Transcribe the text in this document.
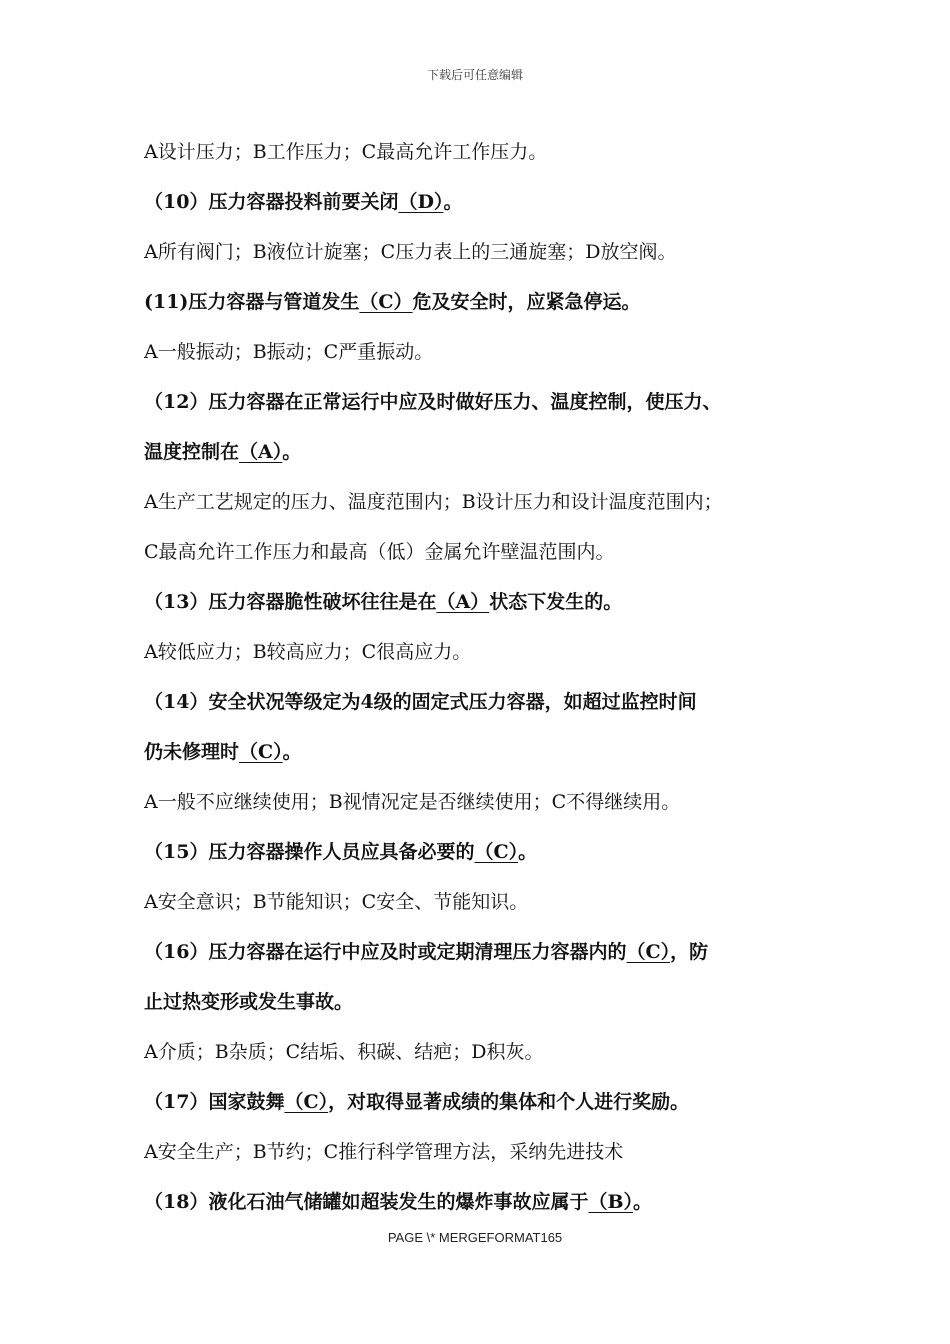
下载后可任意编辑
A设计压力；B工作压力；C最高允许工作压力。
（10）压力容器投料前要关闭（D）。
A所有阀门；B液位计旋塞；C压力表上的三通旋塞；D放空阀。
(11)压力容器与管道发生（C）危及安全时，应紧急停运。
A一般振动；B振动；C严重振动。
（12）压力容器在正常运行中应及时做好压力、温度控制，使压力、
温度控制在（A）。
A生产工艺规定的压力、温度范围内；B设计压力和设计温度范围内；
C最高允许工作压力和最高（低）金属允许壁温范围内。
（13）压力容器脆性破坏往往是在（A）状态下发生的。
A较低应力；B较高应力；C很高应力。
（14）安全状况等级定为4级的固定式压力容器，如超过监控时间
仍未修理时（C）。
A一般不应继续使用；B视情况定是否继续使用；C不得继续用。
（15）压力容器操作人员应具备必要的（C）。
A安全意识；B节能知识；C安全、节能知识。
（16）压力容器在运行中应及时或定期清理压力容器内的（C），防
止过热变形或发生事故。
A介质；B杂质；C结垢、积碳、结疤；D积灰。
（17）国家鼓舞（C），对取得显著成绩的集体和个人进行奖励。
A安全生产；B节约；C推行科学管理方法，采纳先进技术
（18）液化石油气储罐如超装发生的爆炸事故应属于（B）。
PAGE \* MERGEFORMAT165
